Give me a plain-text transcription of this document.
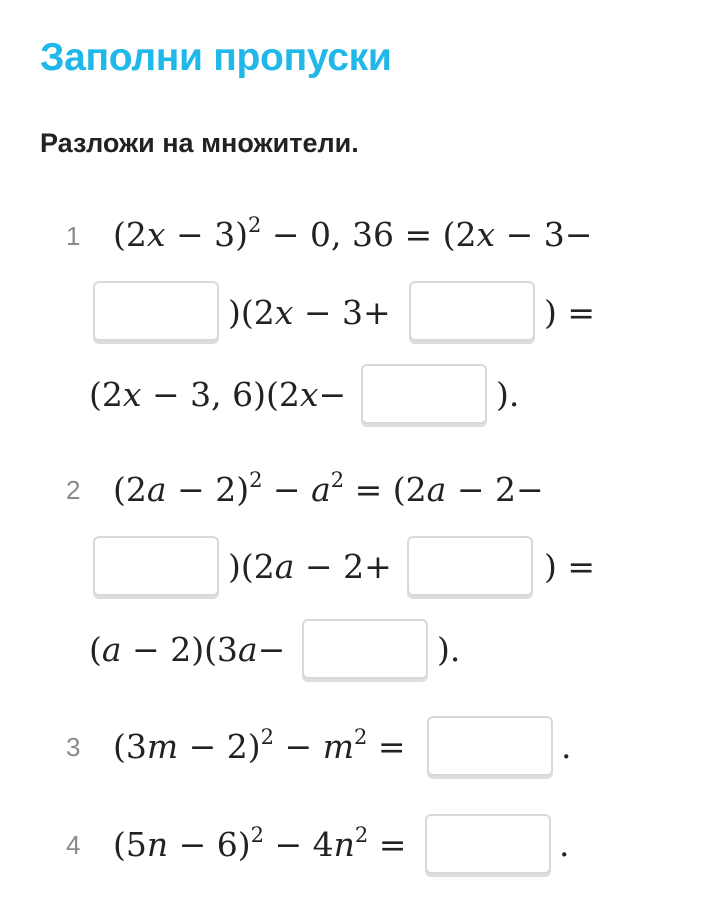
Заполни пропуски
Разложи на множители.
1 $(2x - 3)^2 - 0$, 36 = (2x − 3−
)(2x − 3+	) =
(2x − 3, 6)(2x−	).
2 $(2a - 2)^2 - a^2 = (2a - 2-$
)(2a − 2+	) =
(a − 2)(3a−	).
3 $(3m - 2)^2 - m^2$ =	.
4 $(5n - 6)^2 - 4n^2$ =	.
